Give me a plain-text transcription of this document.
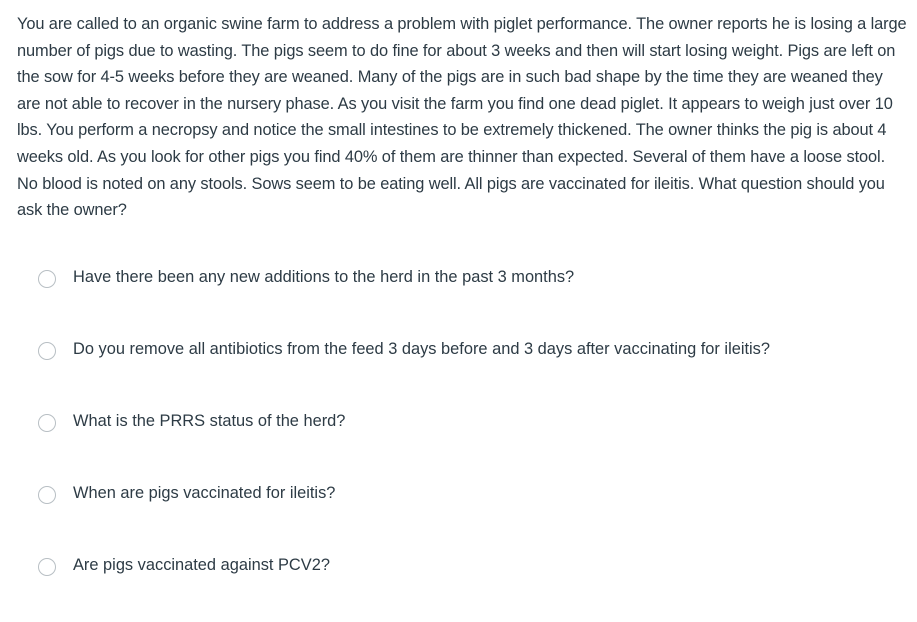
You are called to an organic swine farm to address a problem with piglet performance. The owner reports he is losing a large number of pigs due to wasting. The pigs seem to do fine for about 3 weeks and then will start losing weight. Pigs are left on the sow for 4-5 weeks before they are weaned. Many of the pigs are in such bad shape by the time they are weaned they are not able to recover in the nursery phase. As you visit the farm you find one dead piglet. It appears to weigh just over 10 lbs. You perform a necropsy and notice the small intestines to be extremely thickened. The owner thinks the pig is about 4 weeks old. As you look for other pigs you find 40% of them are thinner than expected. Several of them have a loose stool. No blood is noted on any stools. Sows seem to be eating well. All pigs are vaccinated for ileitis. What question should you ask the owner?

Have there been any new additions to the herd in the past 3 months?
Do you remove all antibiotics from the feed 3 days before and 3 days after vaccinating for ileitis?
What is the PRRS status of the herd?
When are pigs vaccinated for ileitis?
Are pigs vaccinated against PCV2?
